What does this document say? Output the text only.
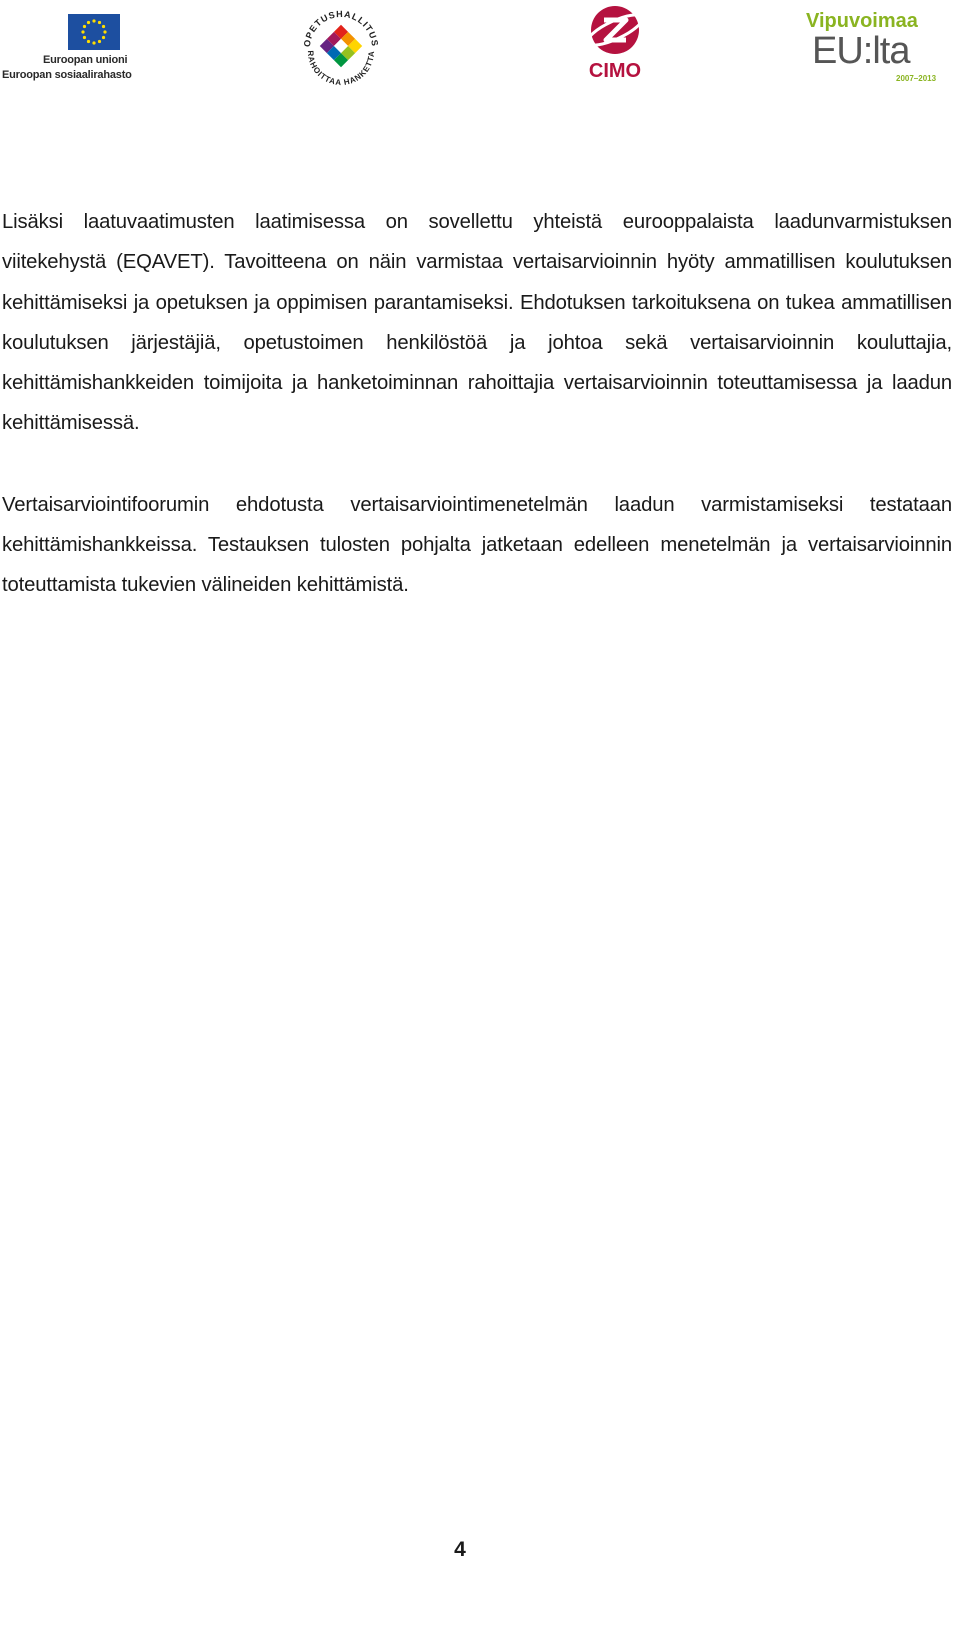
Euroopan unioni
Euroopan sosiaalirahasto
OPETUSHALLITUS
RAHOITTAA HANKETTA
CIMO
Vipuvoimaa
EU:lta
2007–2013

Lisäksi laatuvaatimusten laatimisessa on sovellettu yhteistä eurooppalaista laadunvarmistuksen viitekehystä (EQAVET). Tavoitteena on näin varmistaa vertaisarvioinnin hyöty ammatillisen koulutuksen kehittämiseksi ja opetuksen ja oppimisen parantamiseksi. Ehdotuksen tarkoituksena on tukea ammatillisen koulutuksen järjestäjiä, opetustoimen henkilöstöä ja johtoa sekä vertaisarvioinnin kouluttajia, kehittämishankkeiden toimijoita ja hanketoiminnan rahoittajia vertaisarvioinnin toteuttamisessa ja laadun kehittämisessä.

Vertaisarviointifoorumin ehdotusta vertaisarviointimenetelmän laadun varmistamiseksi testataan kehittämishankkeissa. Testauksen tulosten pohjalta jatketaan edelleen menetelmän ja vertaisarvioinnin toteuttamista tukevien välineiden kehittämistä.

4
